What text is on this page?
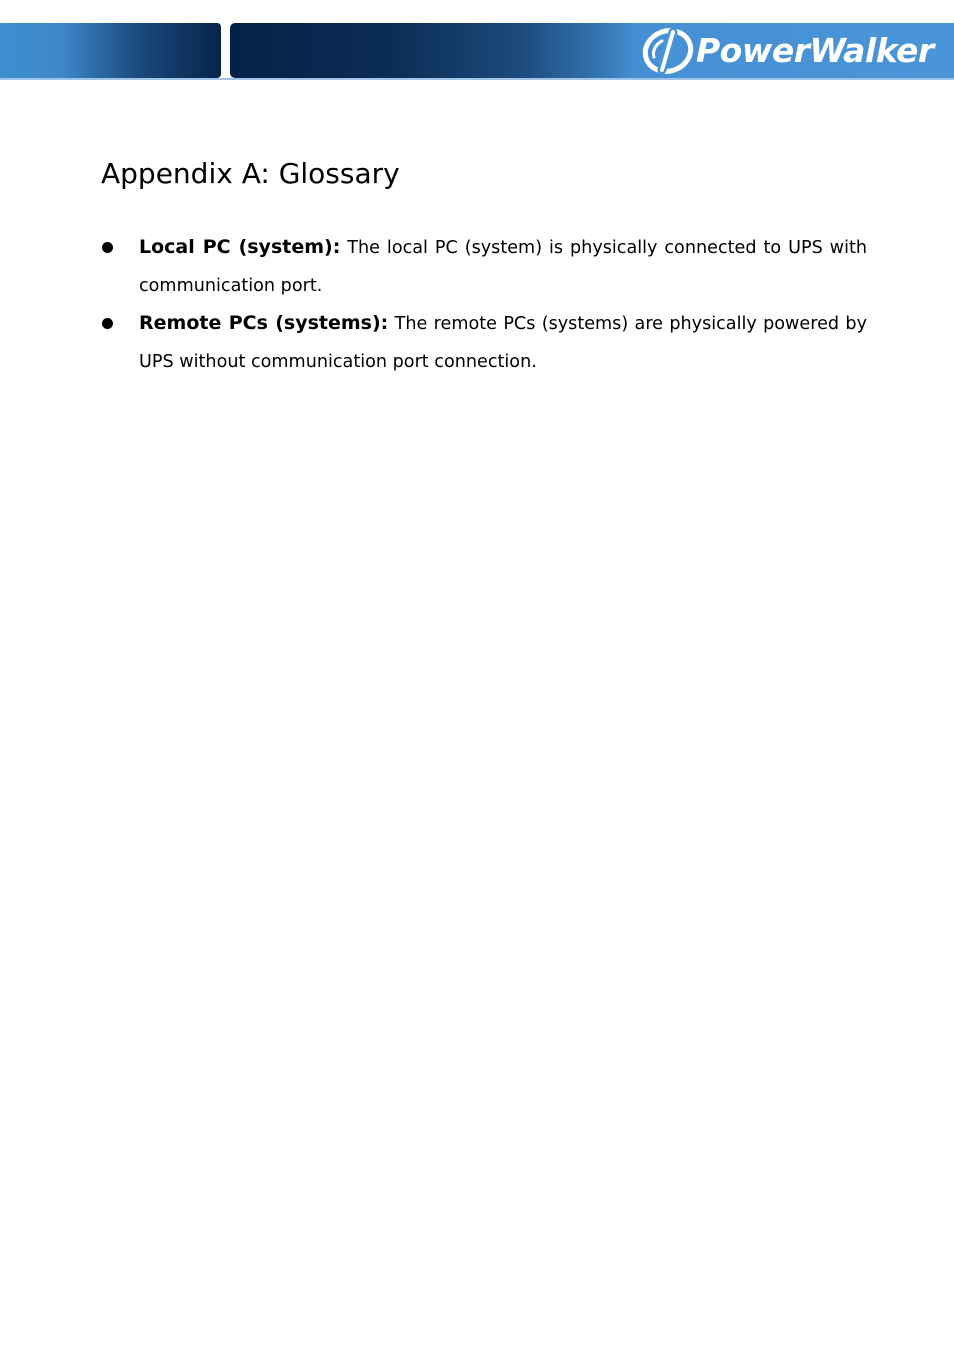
PowerWalker
Appendix A: Glossary
Local PC (system): The local PC (system) is physically connected to UPS with communication port.
Remote PCs (systems): The remote PCs (systems) are physically powered by UPS without communication port connection.
